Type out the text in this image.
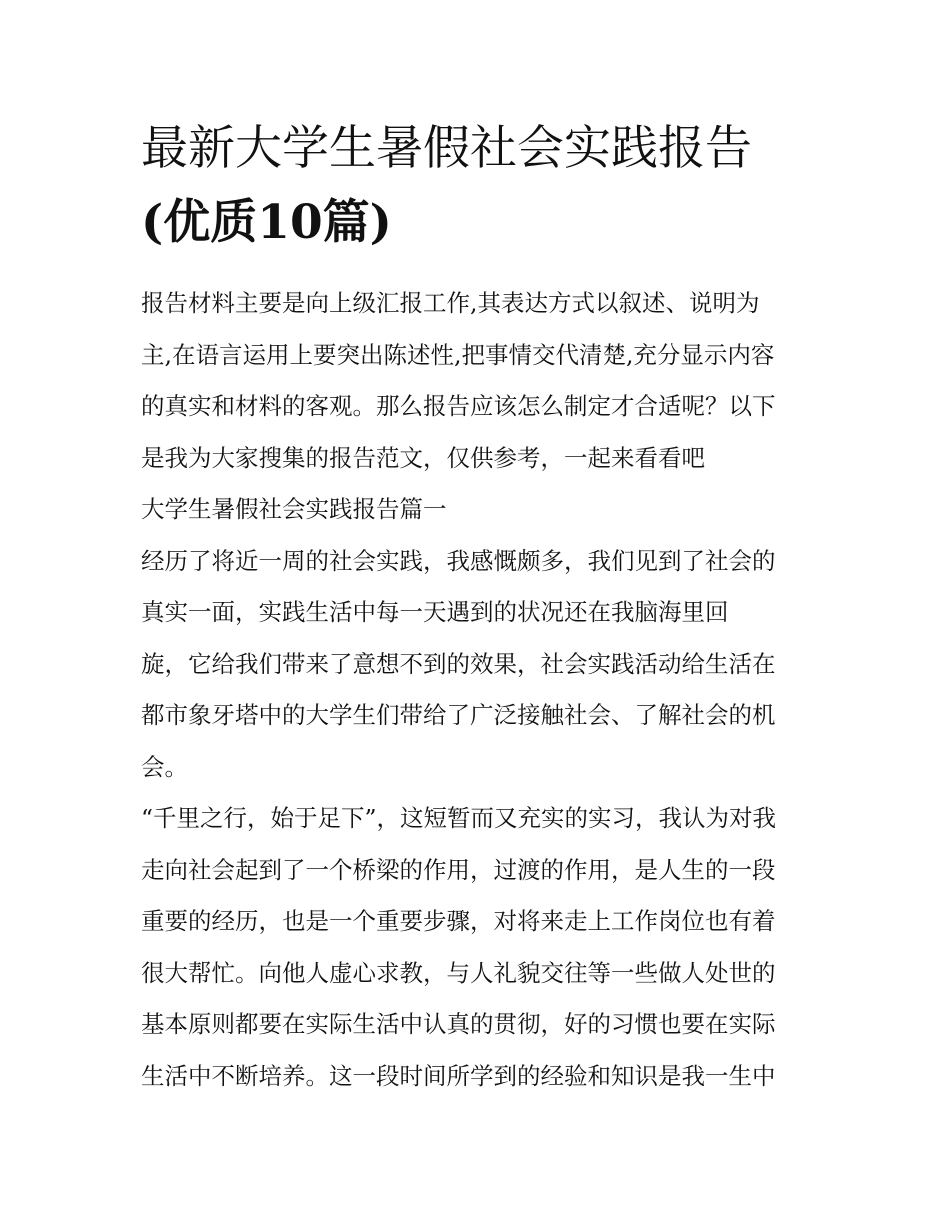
最新大学生暑假社会实践报告
(优质10篇)
报告材料主要是向上级汇报工作,其表达方式以叙述、说明为
主,在语言运用上要突出陈述性,把事情交代清楚,充分显示内容
的真实和材料的客观。那么报告应该怎么制定才合适呢？以下
是我为大家搜集的报告范文，仅供参考，一起来看看吧
大学生暑假社会实践报告篇一
经历了将近一周的社会实践，我感慨颇多，我们见到了社会的
真实一面，实践生活中每一天遇到的状况还在我脑海里回
旋，它给我们带来了意想不到的效果，社会实践活动给生活在
都市象牙塔中的大学生们带给了广泛接触社会、了解社会的机
会。
“千里之行，始于足下”，这短暂而又充实的实习，我认为对我
走向社会起到了一个桥梁的作用，过渡的作用，是人生的一段
重要的经历，也是一个重要步骤，对将来走上工作岗位也有着
很大帮忙。向他人虚心求教，与人礼貌交往等一些做人处世的
基本原则都要在实际生活中认真的贯彻，好的习惯也要在实际
生活中不断培养。这一段时间所学到的经验和知识是我一生中
